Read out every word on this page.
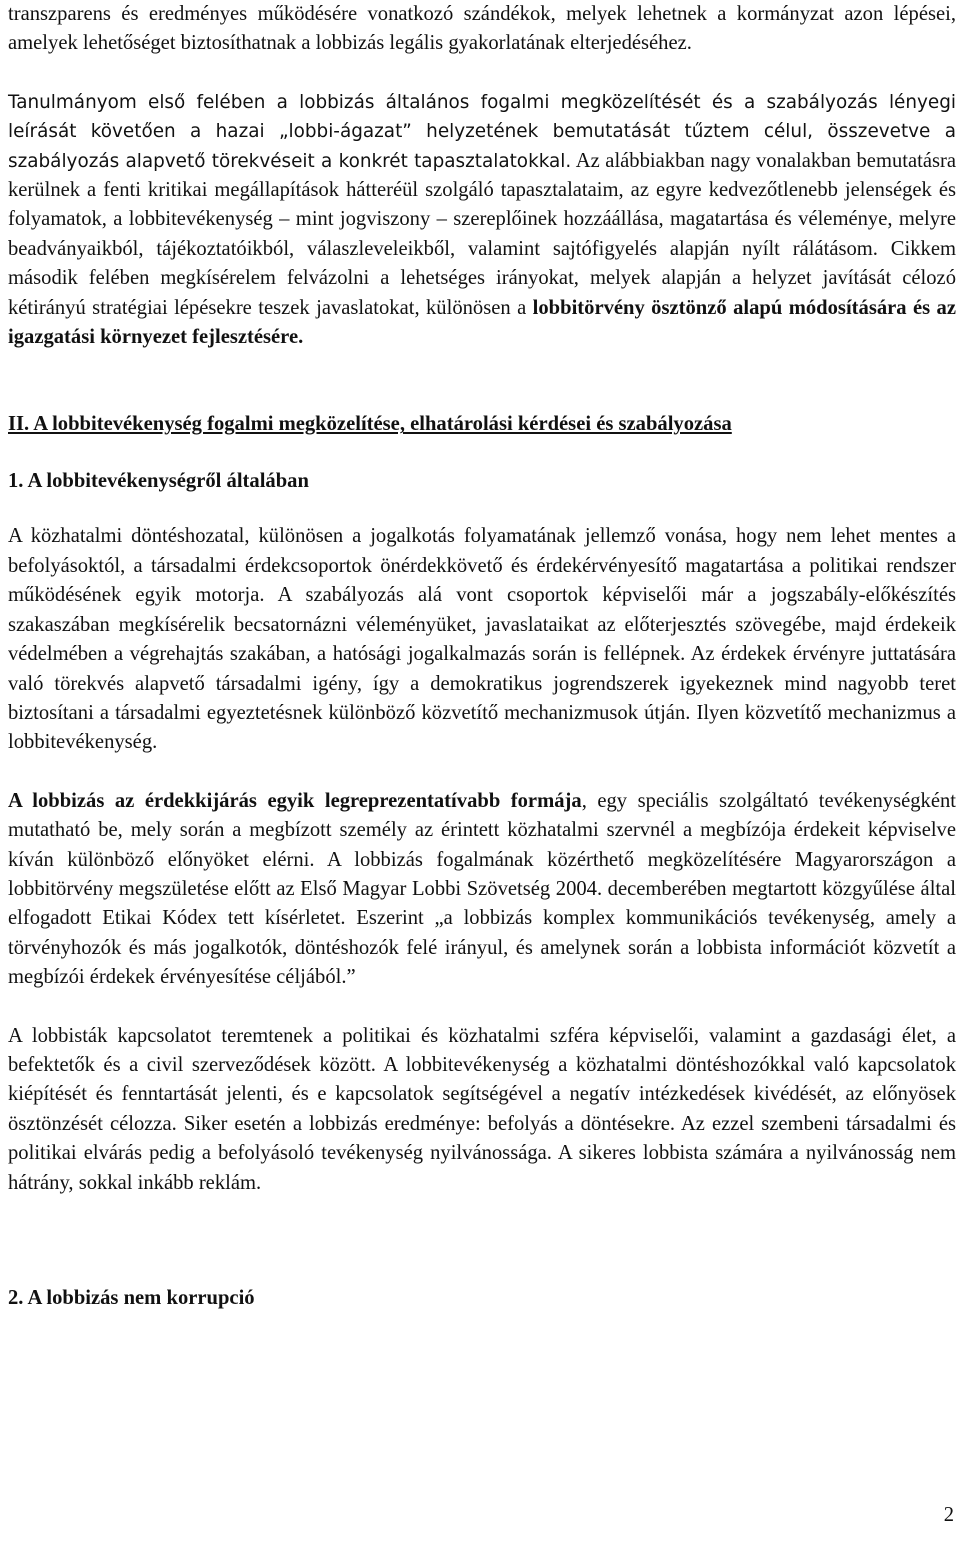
transzparens és eredményes működésére vonatkozó szándékok, melyek lehetnek a kormányzat azon lépései, amelyek lehetőséget biztosíthatnak a lobbizás legális gyakorlatának elterjedéséhez.

Tanulmányom első felében a lobbizás általános fogalmi megközelítését és a szabályozás lényegi leírását követően a hazai „lobbi-ágazat” helyzetének bemutatását tűztem célul, összevetve a szabályozás alapvető törekvéseit a konkrét tapasztalatokkal. Az alábbiakban nagy vonalakban bemutatásra kerülnek a fenti kritikai megállapítások hátteréül szolgáló tapasztalataim, az egyre kedvezőtlenebb jelenségek és folyamatok, a lobbitevékenység – mint jogviszony – szereplőinek hozzáállása, magatartása és véleménye, melyre beadványaikból, tájékoztatóikból, válaszleveleikből, valamint sajtófigyelés alapján nyílt rálátásom. Cikkem második felében megkísérelem felvázolni a lehetséges irányokat, melyek alapján a helyzet javítását célozó kétirányú stratégiai lépésekre teszek javaslatokat, különösen a lobbitörvény ösztönző alapú módosítására és az igazgatási környezet fejlesztésére.

II. A lobbitevékenység fogalmi megközelítése, elhatárolási kérdései és szabályozása
1. A lobbitevékenységről általában

A közhatalmi döntéshozatal, különösen a jogalkotás folyamatának jellemző vonása, hogy nem lehet mentes a befolyásoktól, a társadalmi érdekcsoportok önérdekkövető és érdekérvényesítő magatartása a politikai rendszer működésének egyik motorja. A szabályozás alá vont csoportok képviselői már a jogszabály-előkészítés szakaszában megkísérelik becsatornázni véleményüket, javaslataikat az előterjesztés szövegébe, majd érdekeik védelmében a végrehajtás szakában, a hatósági jogalkalmazás során is fellépnek. Az érdekek érvényre juttatására való törekvés alapvető társadalmi igény, így a demokratikus jogrendszerek igyekeznek mind nagyobb teret biztosítani a társadalmi egyeztetésnek különböző közvetítő mechanizmusok útján. Ilyen közvetítő mechanizmus a lobbitevékenység.

A lobbizás az érdekkijárás egyik legreprezentatívabb formája, egy speciális szolgáltató tevékenységként mutatható be, mely során a megbízott személy az érintett közhatalmi szervnél a megbízója érdekeit képviselve kíván különböző előnyöket elérni. A lobbizás fogalmának közérthető megközelítésére Magyarországon a lobbitörvény megszületése előtt az Első Magyar Lobbi Szövetség 2004. decemberében megtartott közgyűlése által elfogadott Etikai Kódex tett kísérletet. Eszerint „a lobbizás komplex kommunikációs tevékenység, amely a törvényhozók és más jogalkotók, döntéshozók felé irányul, és amelynek során a lobbista információt közvetít a megbízói érdekek érvényesítése céljából.”

A lobbisták kapcsolatot teremtenek a politikai és közhatalmi szféra képviselői, valamint a gazdasági élet, a befektetők és a civil szerveződések között. A lobbitevékenység a közhatalmi döntéshozókkal való kapcsolatok kiépítését és fenntartását jelenti, és e kapcsolatok segítségével a negatív intézkedések kivédését, az előnyösek ösztönzését célozza. Siker esetén a lobbizás eredménye: befolyás a döntésekre. Az ezzel szembeni társadalmi és politikai elvárás pedig a befolyásoló tevékenység nyilvánossága. A sikeres lobbista számára a nyilvánosság nem hátrány, sokkal inkább reklám.

2. A lobbizás nem korrupció
2
